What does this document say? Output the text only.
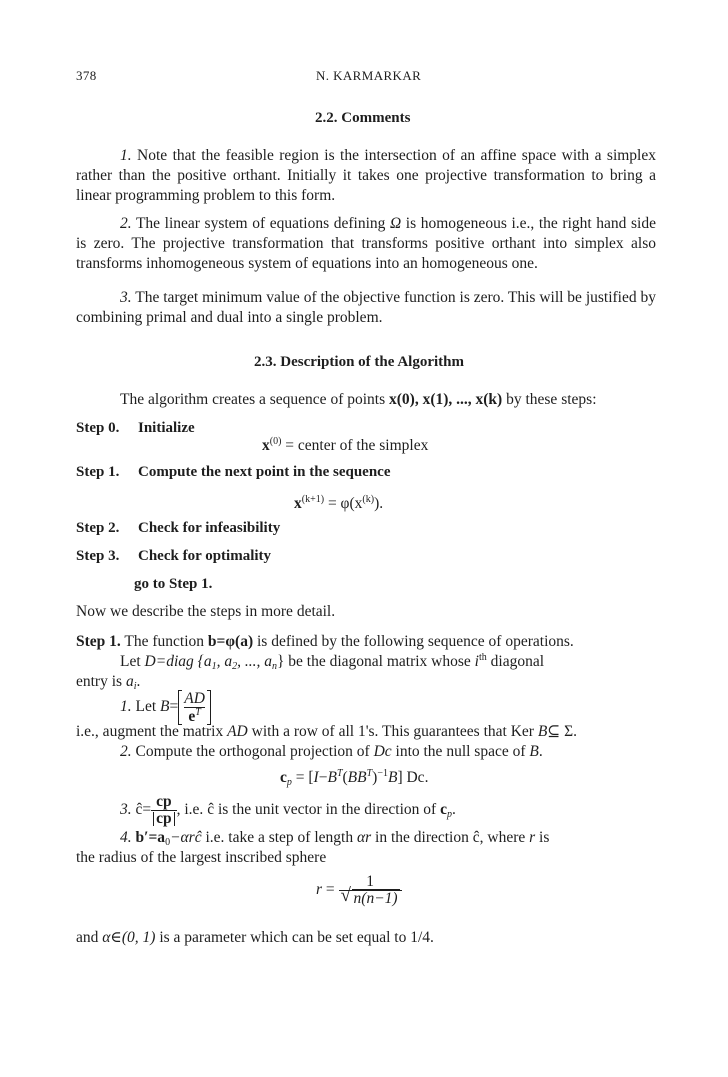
378	N. KARMARKAR
2.2. Comments
1. Note that the feasible region is the intersection of an affine space with a simplex rather than the positive orthant. Initially it takes one projective transformation to bring a linear programming problem to this form.
2. The linear system of equations defining Ω is homogeneous i.e., the right hand side is zero. The projective transformation that transforms positive orthant into simplex also transforms inhomogeneous system of equations into an homogeneous one.
3. The target minimum value of the objective function is zero. This will be justified by combining primal and dual into a single problem.
2.3. Description of the Algorithm
The algorithm creates a sequence of points x(0), x(1), ..., x(k) by these steps:
Step 0. Initialize
$x^{(0)}$ = center of the simplex
Step 1. Compute the next point in the sequence
$x^{(k+1)} = \varphi(x^{(k)})$.
Step 2. Check for infeasibility
Step 3. Check for optimality
go to Step 1.
Now we describe the steps in more detail.
Step 1. The function b=φ(a) is defined by the following sequence of operations.
Let D=diag {$a_1$, $a_2$, ..., $a_n$} be the diagonal matrix whose $i^{th}$ diagonal
entry is $a_i$.
1. Let $B= \frac{AD}{e^T}$
i.e., augment the matrix AD with a row of all 1's. This guarantees that Ker B⊆ Σ.
2. Compute the orthogonal projection of Dc into the null space of B.
$c_p = [I-B^T(BB^T)^{-1}B]$ Dc.
3. ĉ= $\frac{cp}{cp}$ , i.e. ĉ is the unit vector in the direction of $c_p$.
4. $b'=a_0-\alpha rĉ$ i.e. take a step of length αr in the direction ĉ, where r is
the radius of the largest inscribed sphere
$r = \frac{1}{√ n(n-1)}$
and α∈(0, 1) is a parameter which can be set equal to 1/4.
